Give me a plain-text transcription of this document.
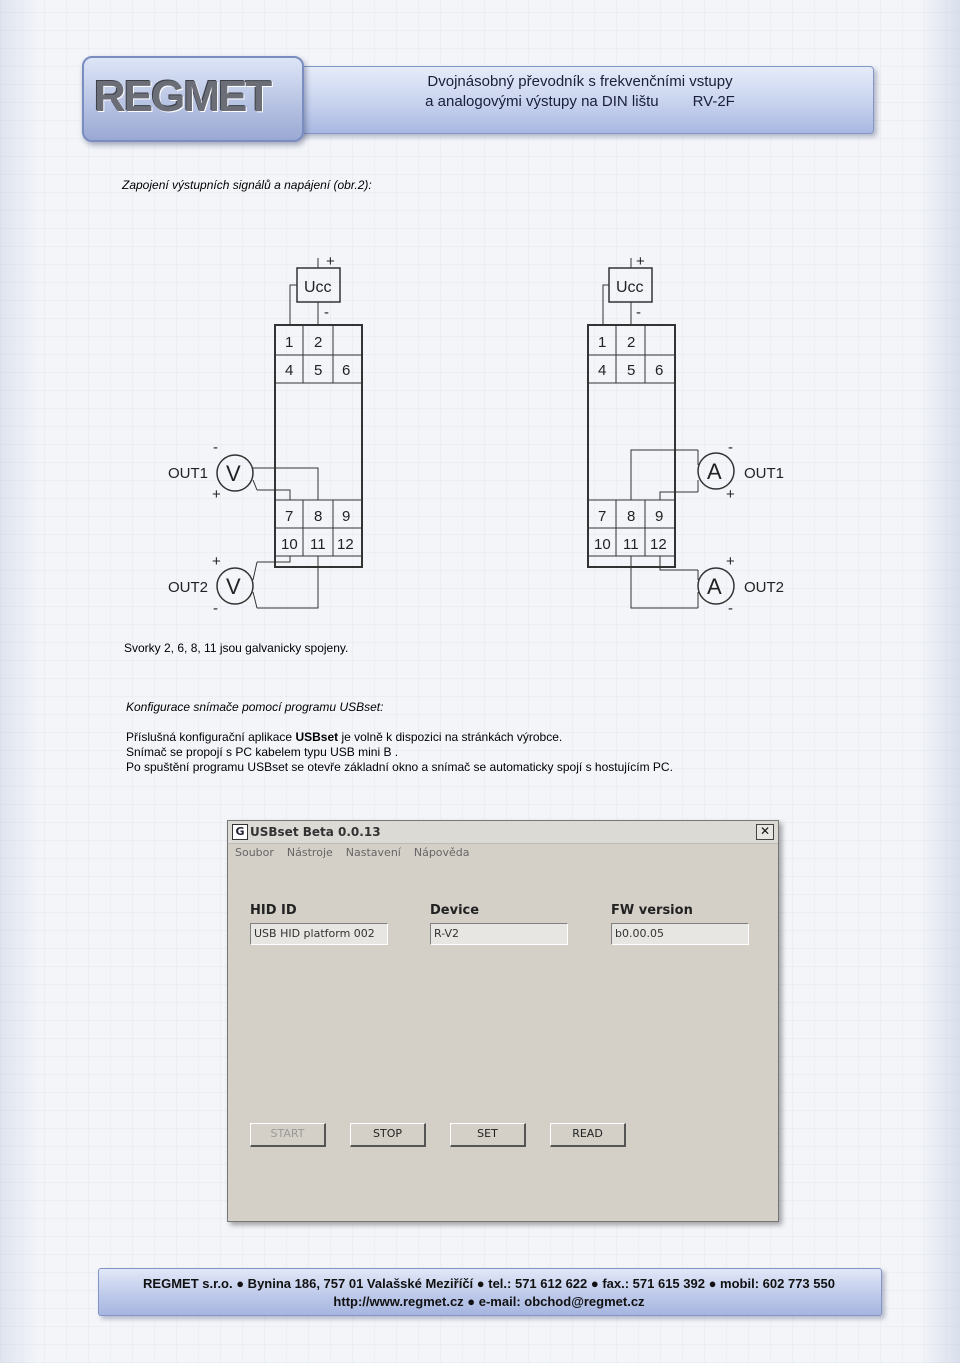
REGMET	Dvojnásobný převodník s frekvenčními vstupy
a analogovými výstupy na DIN lištu RV-2F
Zapojení výstupních signálů a napájení (obr.2):
+
Ucc
-
1 2
4 5 6
7 8 9
10 11 12
-
+
V
OUT1
+
-
V
OUT2
+
Ucc
-
1 2
4 5 6
7 8 9
10 11 12
-
+
A OUT1
+
-
A OUT2
Svorky 2, 6, 8, 11 jsou galvanicky spojeny.
Konfigurace snímače pomocí programu USBset:
Příslušná konfigurační aplikace USBset je volně k dispozici na stránkách výrobce.
Snímač se propojí s PC kabelem typu USB mini B .
Po spuštění programu USBset se otevře základní okno a snímač se automaticky spojí s hostujícím PC.
G USBset Beta 0.0.13	✕
Soubor Nástroje Nastavení Nápověda
HID ID
USB HID platform 002
Device
R-V2
FW version
b0.00.05
START	STOP	SET	READ
REGMET s.r.o. ● Bynina 186, 757 01 Valašské Meziříčí ● tel.: 571 612 622 ● fax.: 571 615 392 ● mobil: 602 773 550
http://www.regmet.cz ● e-mail: obchod@regmet.cz
